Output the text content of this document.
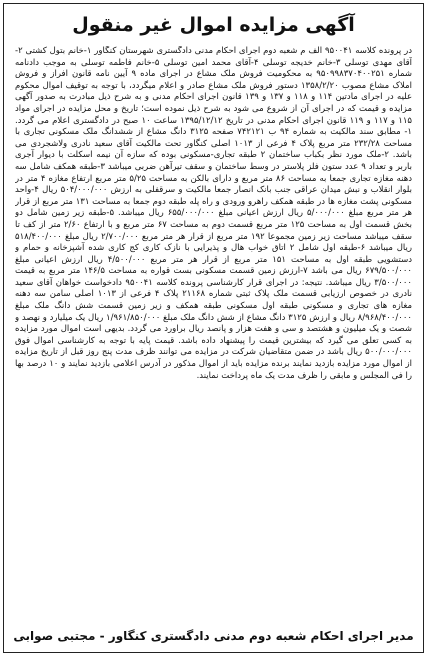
آگهی مزایده اموال غیر منقول

در پرونده کلاسه ۹۵۰۰۴۱ الف م شعبه دوم اجرای احکام مدنی دادگستری شهرستان کنگاور ۱-خانم بتول کشتی ۲-آقای مهدی توسلی ۳-خانم خدیجه توسلی ۴-آقای محمد امین توسلی ۵-خانم فاطمه توسلی به موجب دادنامه شماره ۹۵۰۹۹۸۳۷۰۴۰۰۲۵۱ به محکومیت فروش ملک مشاع در اجرای ماده ۹ آیین نامه قانون افراز و فروش املاک مشاع مصوب ۱۳۵۸/۲/۲۰ دستور فروش ملک مشاع صادر و اعلام میگردد، با توجه به توقیف اموال محکوم علیه در اجرای مادتین ۱۱۴ و ۱۱۸ و ۱۳۷ و ۱۳۹ قانون اجرای احکام مدنی و به شرح ذیل مبادرت به صدور آگهی مزایده و قیمت که در اجرای آن از شروع می شود به شرح ذیل نموده است؛ تاریخ و محل مزایده در اجرای مواد ۱۱۵ و ۱۱۷ و ۱۱۹ قانون اجرای احکام مدنی در تاریخ ۱۳۹۵/۱۲/۱۲ ساعت ۱۰ صبح در دادگستری اعلام می گردد. ۱- مطابق سند مالکیت به شماره ۹۴ ب ۷۴۲۱۲۱ صفحه ۳۱۲۵ دانگ مشاع از ششدانگ ملک مسکونی تجاری با مساحت ۲۳۲/۲۸ متر مربع پلاک ۴ فرعی از ۱۰۱۳ اصلی کنگاور تحت مالکیت آقای سعید نادری ولاشجردی می باشد. ۲-ملک مورد نظر بکباب ساختمان ۲ طبقه تجاری-مسکونی بوده که سازه آن نیمه اسکلت با دیوار آجری باربر و تعداد ۹ عدد ستون فلز پلاستر در وسط ساختمان و سقف تیرآهن ضربی میباشد ۳-طبقه همکف شامل سه دهنه مغازه تجاری جمعا به مساحت ۸۶ متر مربع و دارای بالکن به مساحت ۵/۲۵ متر مربع ارتفاع مغازه ۴ متر در بلوار انقلاب و نبش میدان عراقی جنب بانک انصار جمعا مالکیت و سرقفلی به ارزش ۵۰۴/۰۰۰/۰۰۰ ریال ۴-واحد مسکونی پشت مغازه ها در طبقه همکف راهرو ورودی و راه پله طبقه دوم جمعا به مساحت ۱۳۱ متر مربع از قرار هر متر مربع مبلغ ۵/۰۰۰/۰۰۰ ریال ارزش اعیانی مبلغ ۶۵۵/۰۰۰/۰۰۰ ریال میباشد. ۵-طبقه زیر زمین شامل دو بخش قسمت اول به مساحت ۱۲۵ متر مربع قسمت دوم به مساحت ۶۷ متر مربع و با ارتفاع ۲/۶۰ متر از کف تا سقف میباشد مساحت زیر زمین مجموعا ۱۹۲ متر مربع از قرار هر متر مربع ۲/۷۰۰/۰۰۰ ریال مبلغ ۵۱۸/۴۰۰/۰۰۰ ریال میباشد ۶-طبقه اول شامل ۲ اتاق خواب هال و پذیرایی با نازک کاری کج کاری شده آشپزخانه و حمام و دستشویی طبقه اول به مساحت ۱۵۱ متر مربع از قرار هر متر مربع ۴/۵۰۰/۰۰۰ ریال ارزش اعیانی مبلغ ۶۷۹/۵۰۰/۰۰۰ ریال می باشد ۷-ارزش زمین قسمت مسکونی بست قواره به مساحت ۱۴۶/۵ متر مربع به قیمت ۳/۵۰۰/۰۰۰ ریال میباشد. نتیجه: در اجرای قرار کارشناسی پرونده کلاسه ۹۵۰۰۴۱ دادخواست خواهان آقای سعید نادری در خصوص ارزیابی قسمت ملک پلاک ثبتی شماره ۲۱۱۶۸ پلاک ۴ فرعی از ۱۰۱۳ اصلی سامن سه دهنه مغازه های تجاری و مسکونی طبقه اول مسکونی طبقه همکف و زیر زمین قسمت شش دانگ ملک مبلغ ۸/۹۶۸/۴۰۰/۰۰۰ ریال و ارزش ۳۱۲۵ دانگ مشاع از شش دانگ ملک مبلغ ۱/۹۶۱/۸۵۰/۰۰۰ ریال یک میلیارد و نهصد و شصت و یک میلیون و هشتصد و سی و هفت هزار و پانصد ریال براورد می گردد. بدیهی است اموال مورد مزایده به کسی تعلق می گیرد که بیشترین قیمت را پیشنهاد داده باشد. قیمت پایه با توجه به کارشناسی اموال فوق ۵۰۰/۰۰۰/۰۰۰ ریال باشد در ضمن متقاضیان شرکت در مزایده می توانند ظرف مدت پنج روز قبل از تاریخ مزایده از اموال مورد مزایده بازدید نمایند برنده مزایده باید از اموال مذکور در آدرس اعلامی بازدید نمایند و ۱۰ درصد بها را فی المجلس و مابقی را ظرف مدت یک ماه پرداخت نمایند.

مدیر اجرای احکام شعبه دوم مدنی دادگستری کنگاور - مجتبی صوابی
